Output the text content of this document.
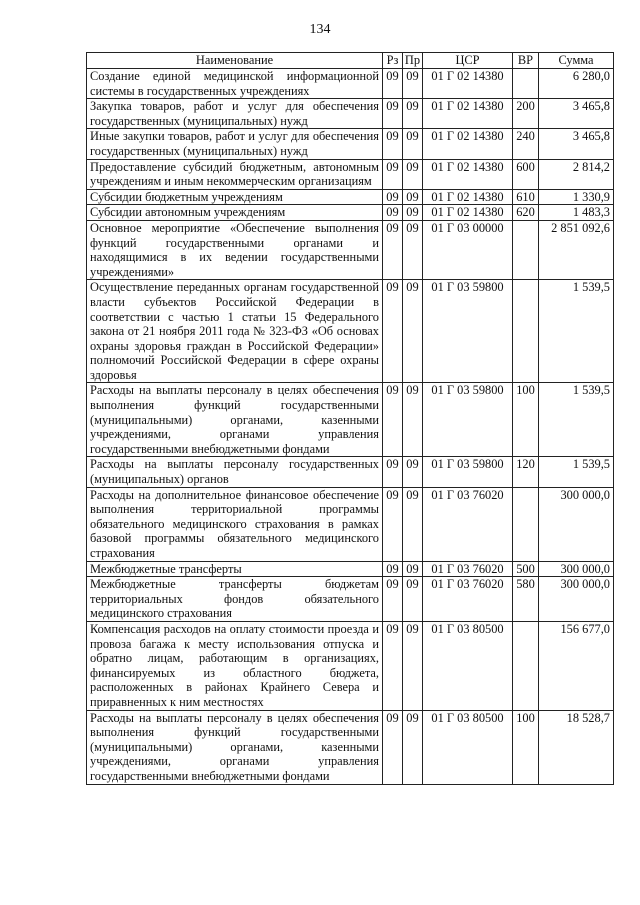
134
Наименование	Рз	Пр	ЦСР	ВР	Сумма
Создание единой медицинской информационной системы в государственных учреждениях	09	09	01 Г 02 14380		6 280,0
Закупка товаров, работ и услуг для обеспечения государственных (муниципальных) нужд	09	09	01 Г 02 14380	200	3 465,8
Иные закупки товаров, работ и услуг для обеспечения государственных (муниципальных) нужд	09	09	01 Г 02 14380	240	3 465,8
Предоставление субсидий бюджетным, автономным учреждениям и иным некоммерческим организациям	09	09	01 Г 02 14380	600	2 814,2
Субсидии бюджетным учреждениям	09	09	01 Г 02 14380	610	1 330,9
Субсидии автономным учреждениям	09	09	01 Г 02 14380	620	1 483,3
Основное мероприятие «Обеспечение выполнения функций государственными органами и находящимися в их ведении государственными учреждениями»	09	09	01 Г 03 00000		2 851 092,6
Осуществление переданных органам государственной власти субъектов Российской Федерации в соответствии с частью 1 статьи 15 Федерального закона от 21 ноября 2011 года № 323-ФЗ «Об основах охраны здоровья граждан в Российской Федерации» полномочий Российской Федерации в сфере охраны здоровья	09	09	01 Г 03 59800		1 539,5
Расходы на выплаты персоналу в целях обеспечения выполнения функций государственными (муниципальными) органами, казенными учреждениями, органами управления государственными внебюджетными фондами	09	09	01 Г 03 59800	100	1 539,5
Расходы на выплаты персоналу государственных (муниципальных) органов	09	09	01 Г 03 59800	120	1 539,5
Расходы на дополнительное финансовое обеспечение выполнения территориальной программы обязательного медицинского страхования в рамках базовой программы обязательного медицинского страхования	09	09	01 Г 03 76020		300 000,0
Межбюджетные трансферты	09	09	01 Г 03 76020	500	300 000,0
Межбюджетные трансферты бюджетам территориальных фондов обязательного медицинского страхования	09	09	01 Г 03 76020	580	300 000,0
Компенсация расходов на оплату стоимости проезда и провоза багажа к месту использования отпуска и обратно лицам, работающим в организациях, финансируемых из областного бюджета, расположенных в районах Крайнего Севера и приравненных к ним местностях	09	09	01 Г 03 80500		156 677,0
Расходы на выплаты персоналу в целях обеспечения выполнения функций государственными (муниципальными) органами, казенными учреждениями, органами управления государственными внебюджетными фондами	09	09	01 Г 03 80500	100	18 528,7
